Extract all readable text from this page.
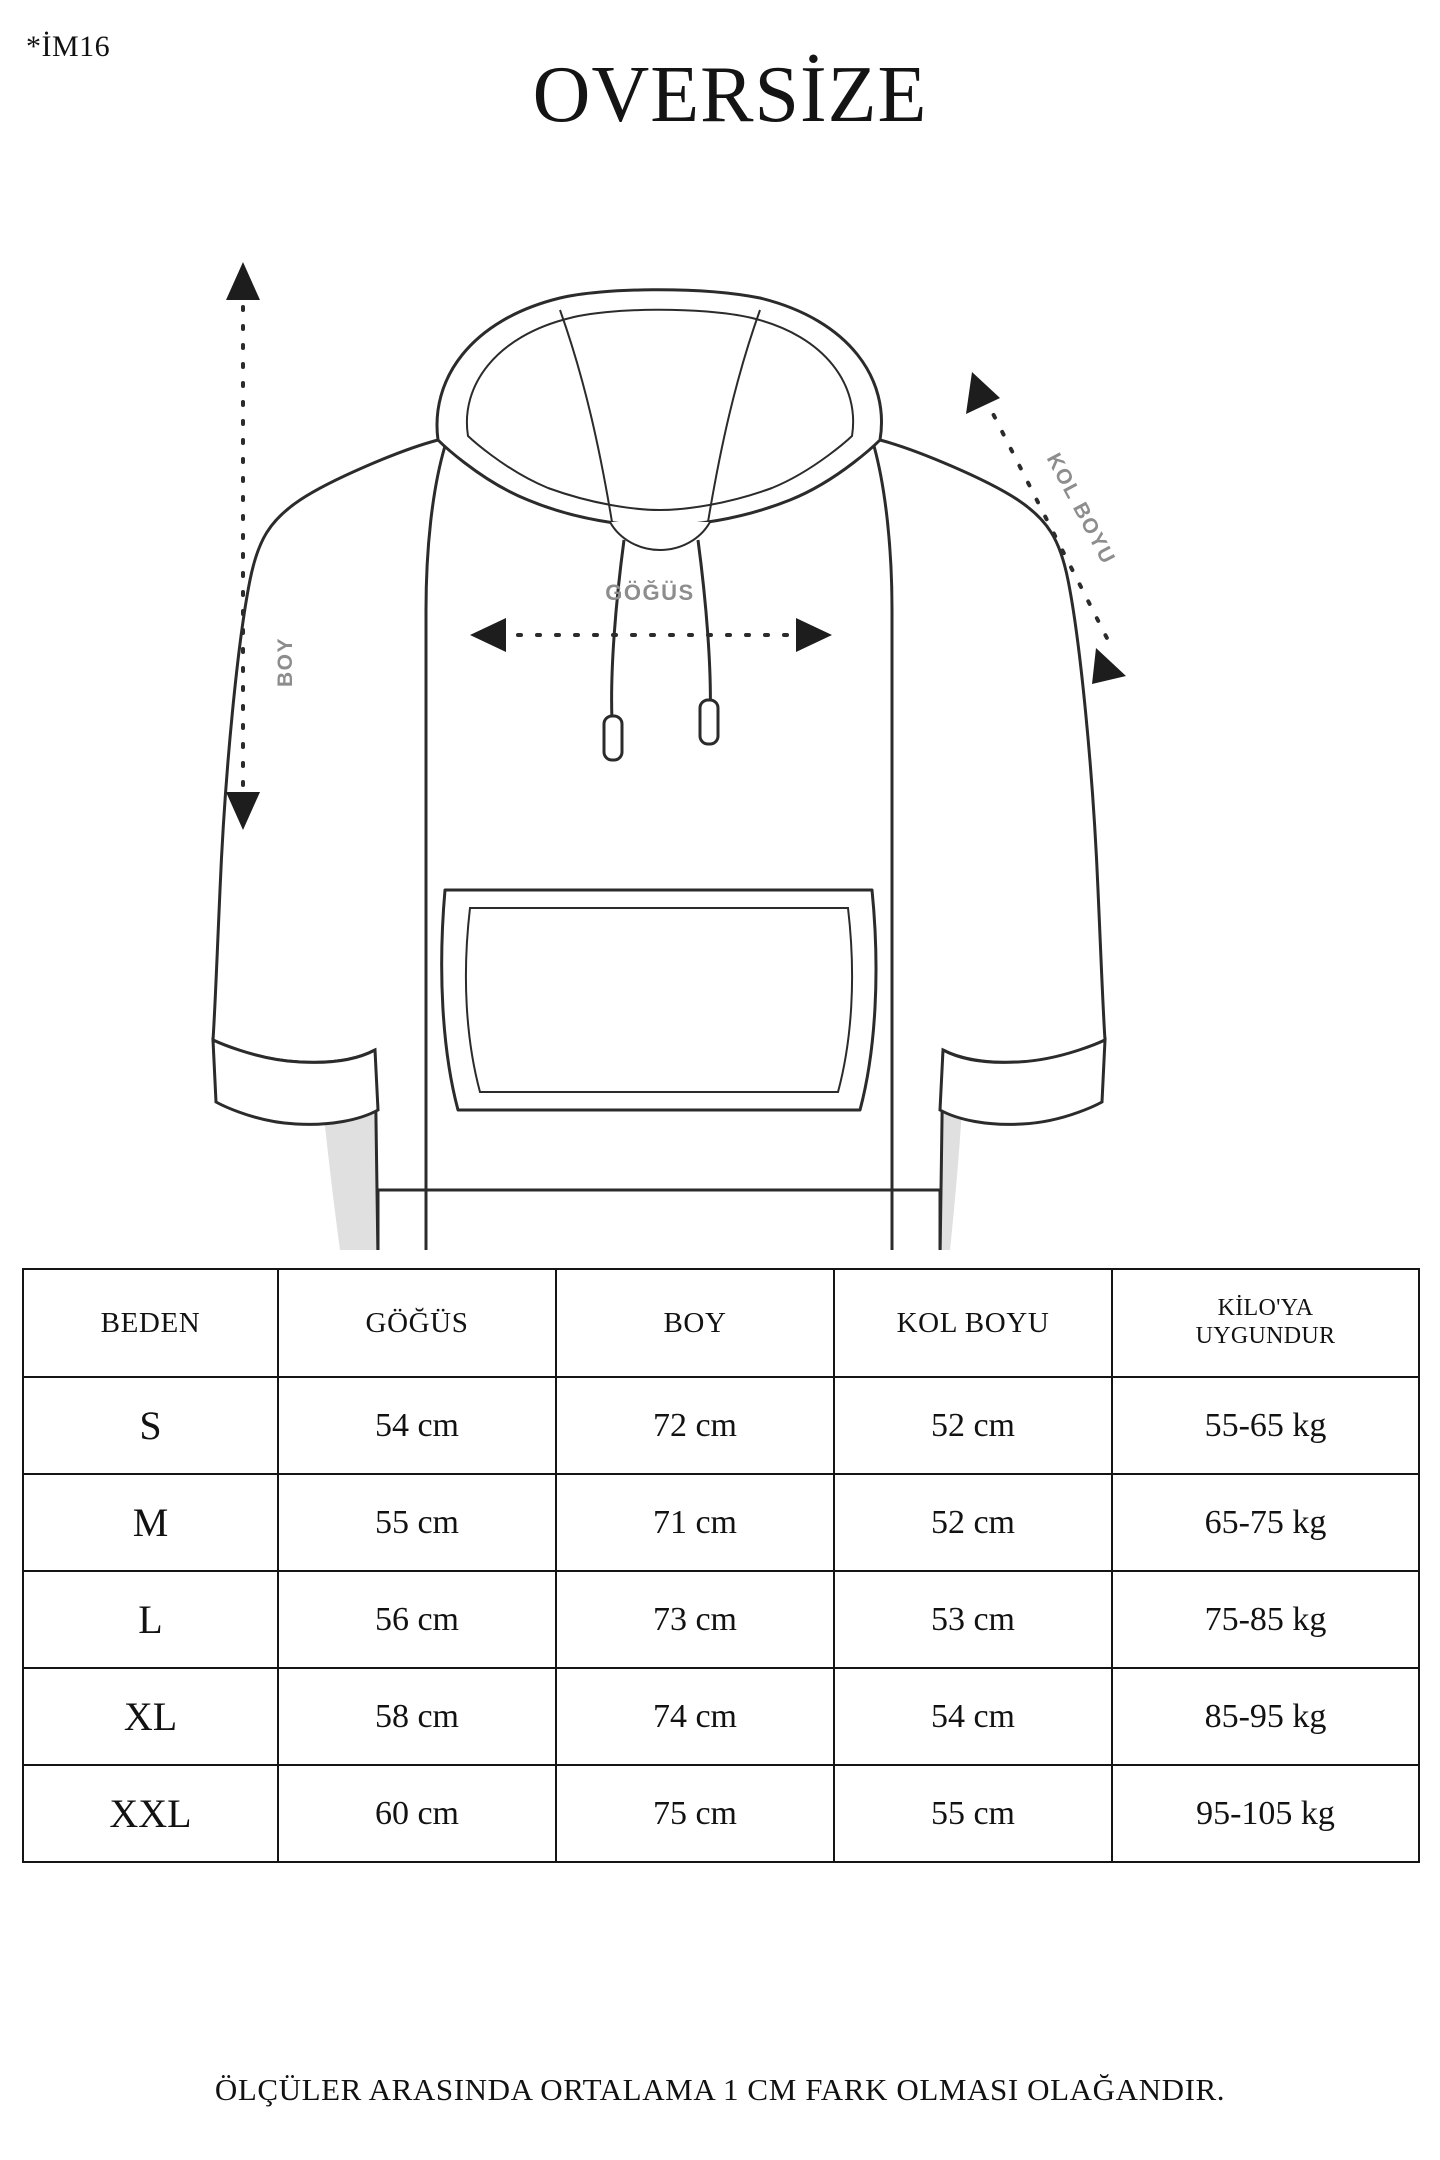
*İM16
OVERSİZE
GÖĞÜS
BOY
KOL BOYU
BEDEN	GÖĞÜS	BOY	KOL BOYU	KİLO'YA
UYGUNDUR

S	54 cm	72 cm	52 cm	55-65 kg
M	55 cm	71 cm	52 cm	65-75 kg
L	56 cm	73 cm	53 cm	75-85 kg
XL	58 cm	74 cm	54 cm	85-95 kg
XXL	60 cm	75 cm	55 cm	95-105 kg
ÖLÇÜLER ARASINDA ORTALAMA 1 CM FARK OLMASI OLAĞANDIR.
